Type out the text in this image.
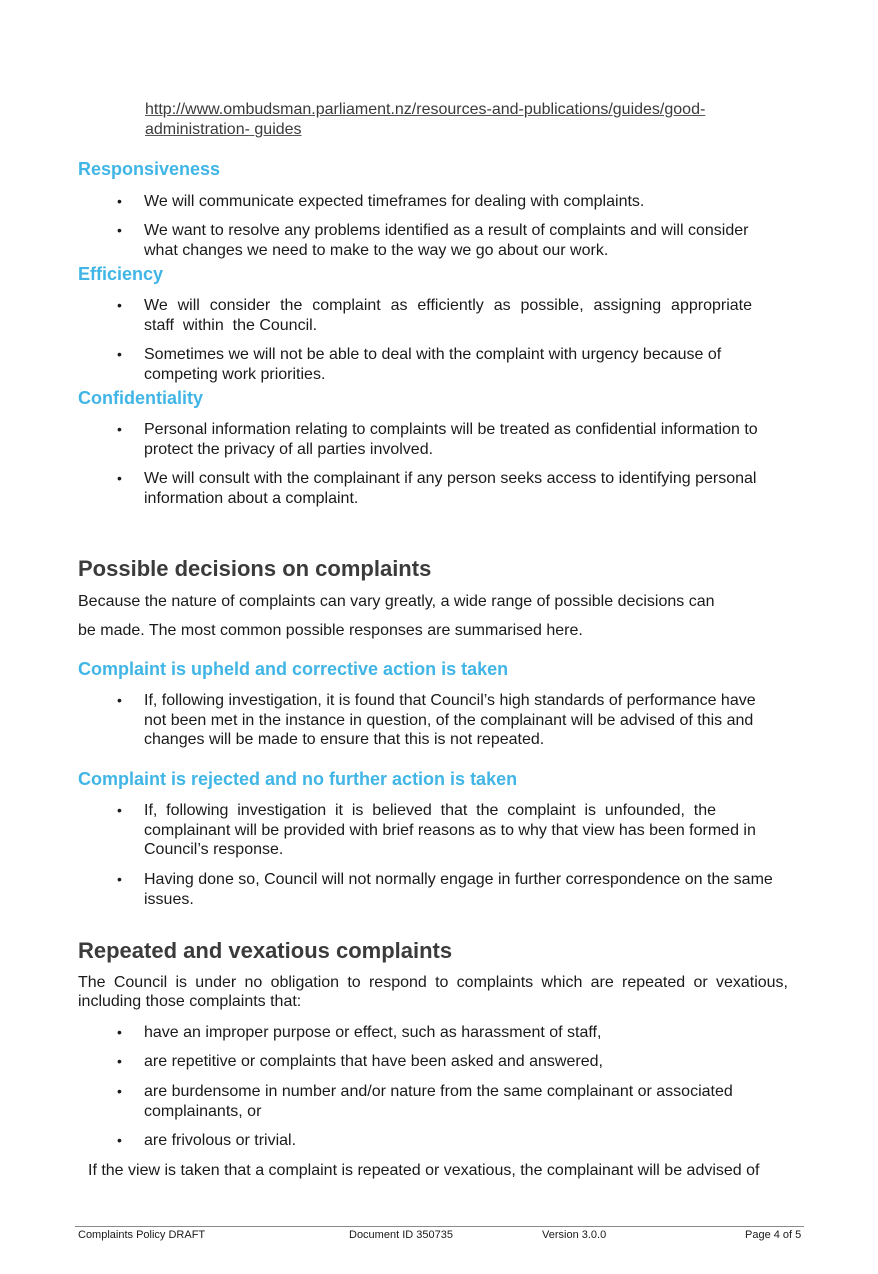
http://www.ombudsman.parliament.nz/resources-and-publications/guides/good-
administration- guides
Responsiveness
• We will communicate expected timeframes for dealing with complaints.
• We want to resolve any problems identified as a result of complaints and will consider
what changes we need to make to the way we go about our work.
Efficiency
• We will consider the complaint as efficiently as possible, assigning appropriate
staff  within  the Council.
• Sometimes we will not be able to deal with the complaint with urgency because of
competing work priorities.
Confidentiality
• Personal information relating to complaints will be treated as confidential information to
protect the privacy of all parties involved.
• We will consult with the complainant if any person seeks access to identifying personal
information about a complaint.
Possible decisions on complaints
Because the nature of complaints can vary greatly, a wide range of possible decisions can
be made. The most common possible responses are summarised here.
Complaint is upheld and corrective action is taken
• If, following investigation, it is found that Council’s high standards of performance have
not been met in the instance in question, of the complainant will be advised of this and
changes will be made to ensure that this is not repeated.
Complaint is rejected and no further action is taken
• If, following investigation it is believed that the complaint is unfounded, the
complainant will be provided with brief reasons as to why that view has been formed in
Council’s response.
• Having done so, Council will not normally engage in further correspondence on the same
issues.
Repeated and vexatious complaints
The Council is under no obligation to respond to complaints which are repeated or vexatious,
including those complaints that:
• have an improper purpose or effect, such as harassment of staff,
• are repetitive or complaints that have been asked and answered,
• are burdensome in number and/or nature from the same complainant or associated
complainants, or
• are frivolous or trivial.
If the view is taken that a complaint is repeated or vexatious, the complainant will be advised of
Complaints Policy DRAFT	Document ID 350735	Version 3.0.0	Page 4 of 5
